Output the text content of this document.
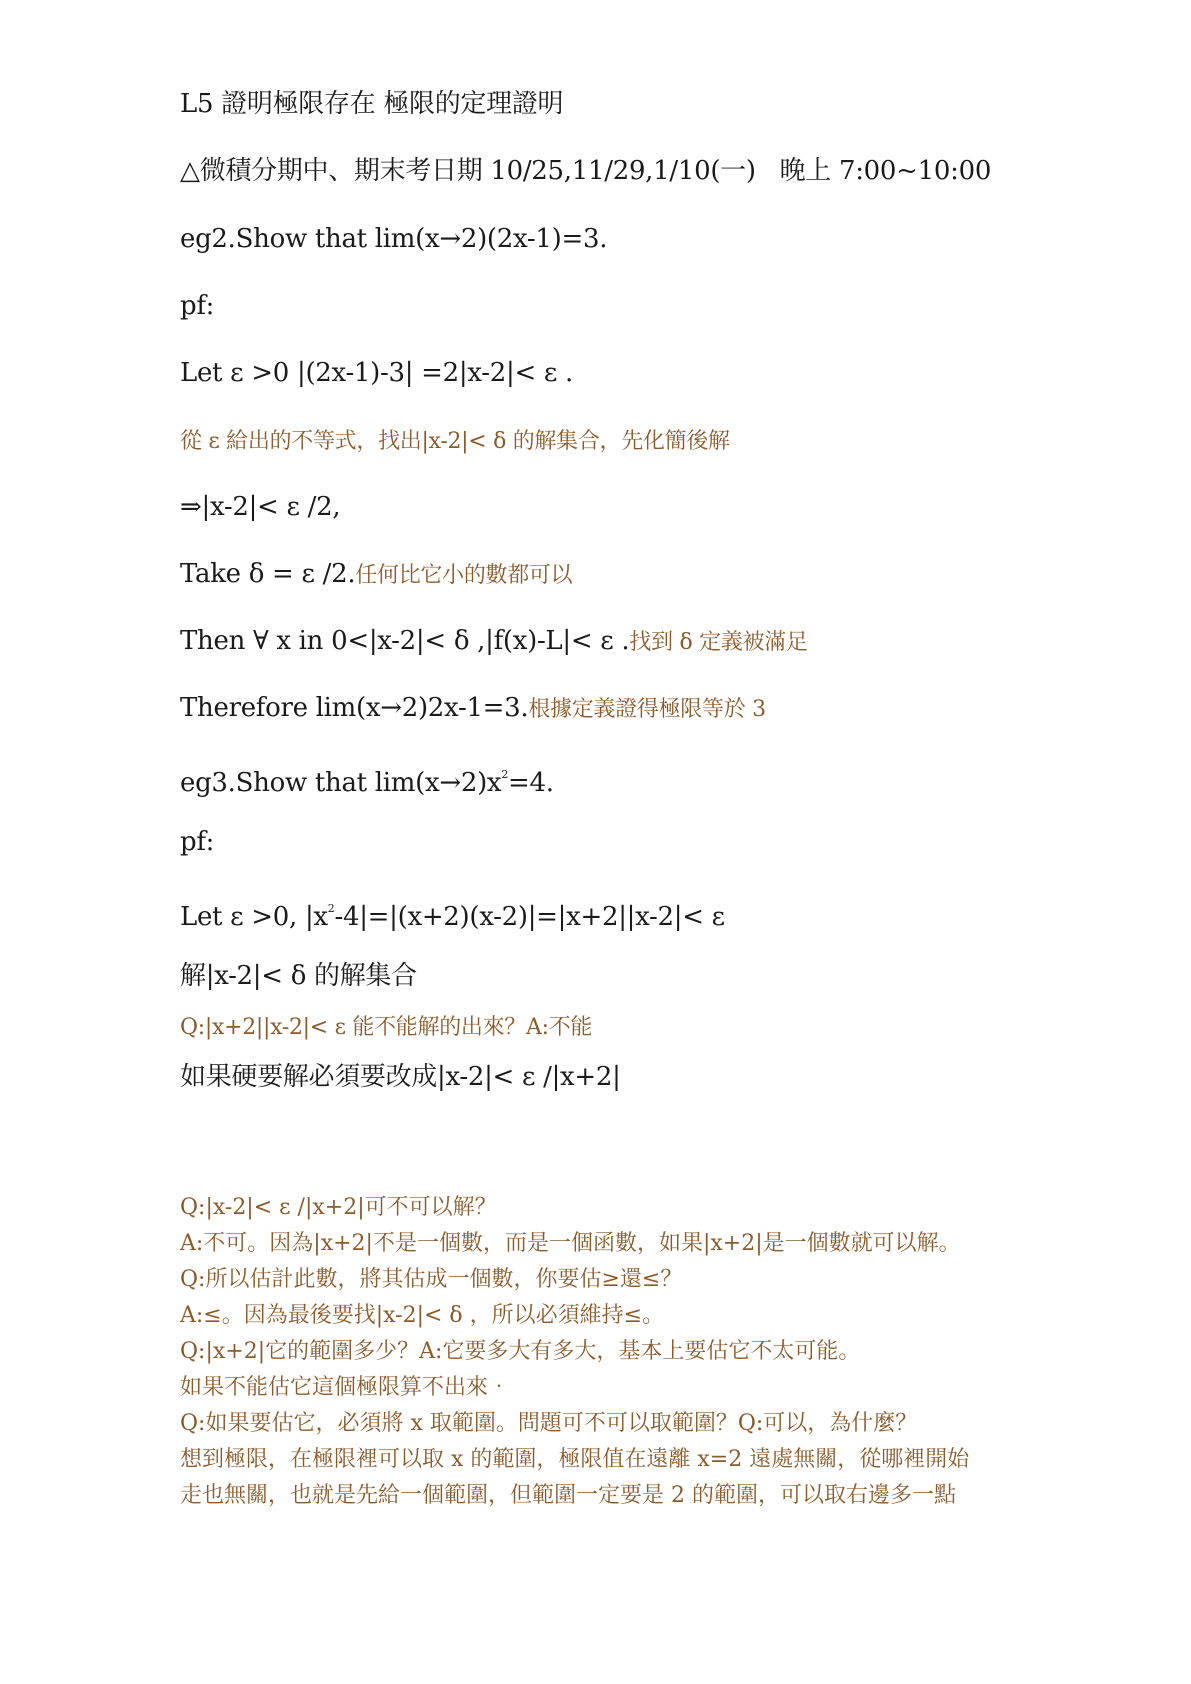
L5 證明極限存在 極限的定理證明
△微積分期中、期末考日期 10/25,11/29,1/10(一)   晚上 7:00~10:00
eg2.Show that lim(x→2)(2x-1)=3.
pf:
Let ε >0 |(2x-1)-3| =2|x-2|< ε .
從 ε 給出的不等式，找出|x-2|< δ 的解集合，先化簡後解
⇒|x-2|< ε /2,
Take δ = ε /2.任何比它小的數都可以
Then ∀ x in 0<|x-2|< δ ,|f(x)-L|< ε .找到 δ 定義被滿足
Therefore lim(x→2)2x-1=3.根據定義證得極限等於 3
eg3.Show that $\lim(x\to 2)x^2=4$.
pf:
Let ε >0, $|x^2-4|=|(x+2)(x-2)|=|x+2||x-2|< \varepsilon$
解|x-2|< δ 的解集合
Q:|x+2||x-2|< ε 能不能解的出來？A:不能
如果硬要解必須要改成|x-2|< ε /|x+2|
Q:|x-2|< ε /|x+2|可不可以解？
A:不可。因為|x+2|不是一個數，而是一個函數，如果|x+2|是一個數就可以解。
Q:所以估計此數，將其估成一個數，你要估≥還≤？
A:≤。因為最後要找|x-2|< δ ，所以必須維持≤。
Q:|x+2|它的範圍多少？A:它要多大有多大，基本上要估它不太可能。
如果不能估它這個極限算不出來‧
Q:如果要估它，必須將 x 取範圍。問題可不可以取範圍？Q:可以，為什麼？
想到極限，在極限裡可以取 x 的範圍，極限值在遠離 x=2 遠處無關，從哪裡開始
走也無關，也就是先給一個範圍，但範圍一定要是 2 的範圍，可以取右邊多一點
